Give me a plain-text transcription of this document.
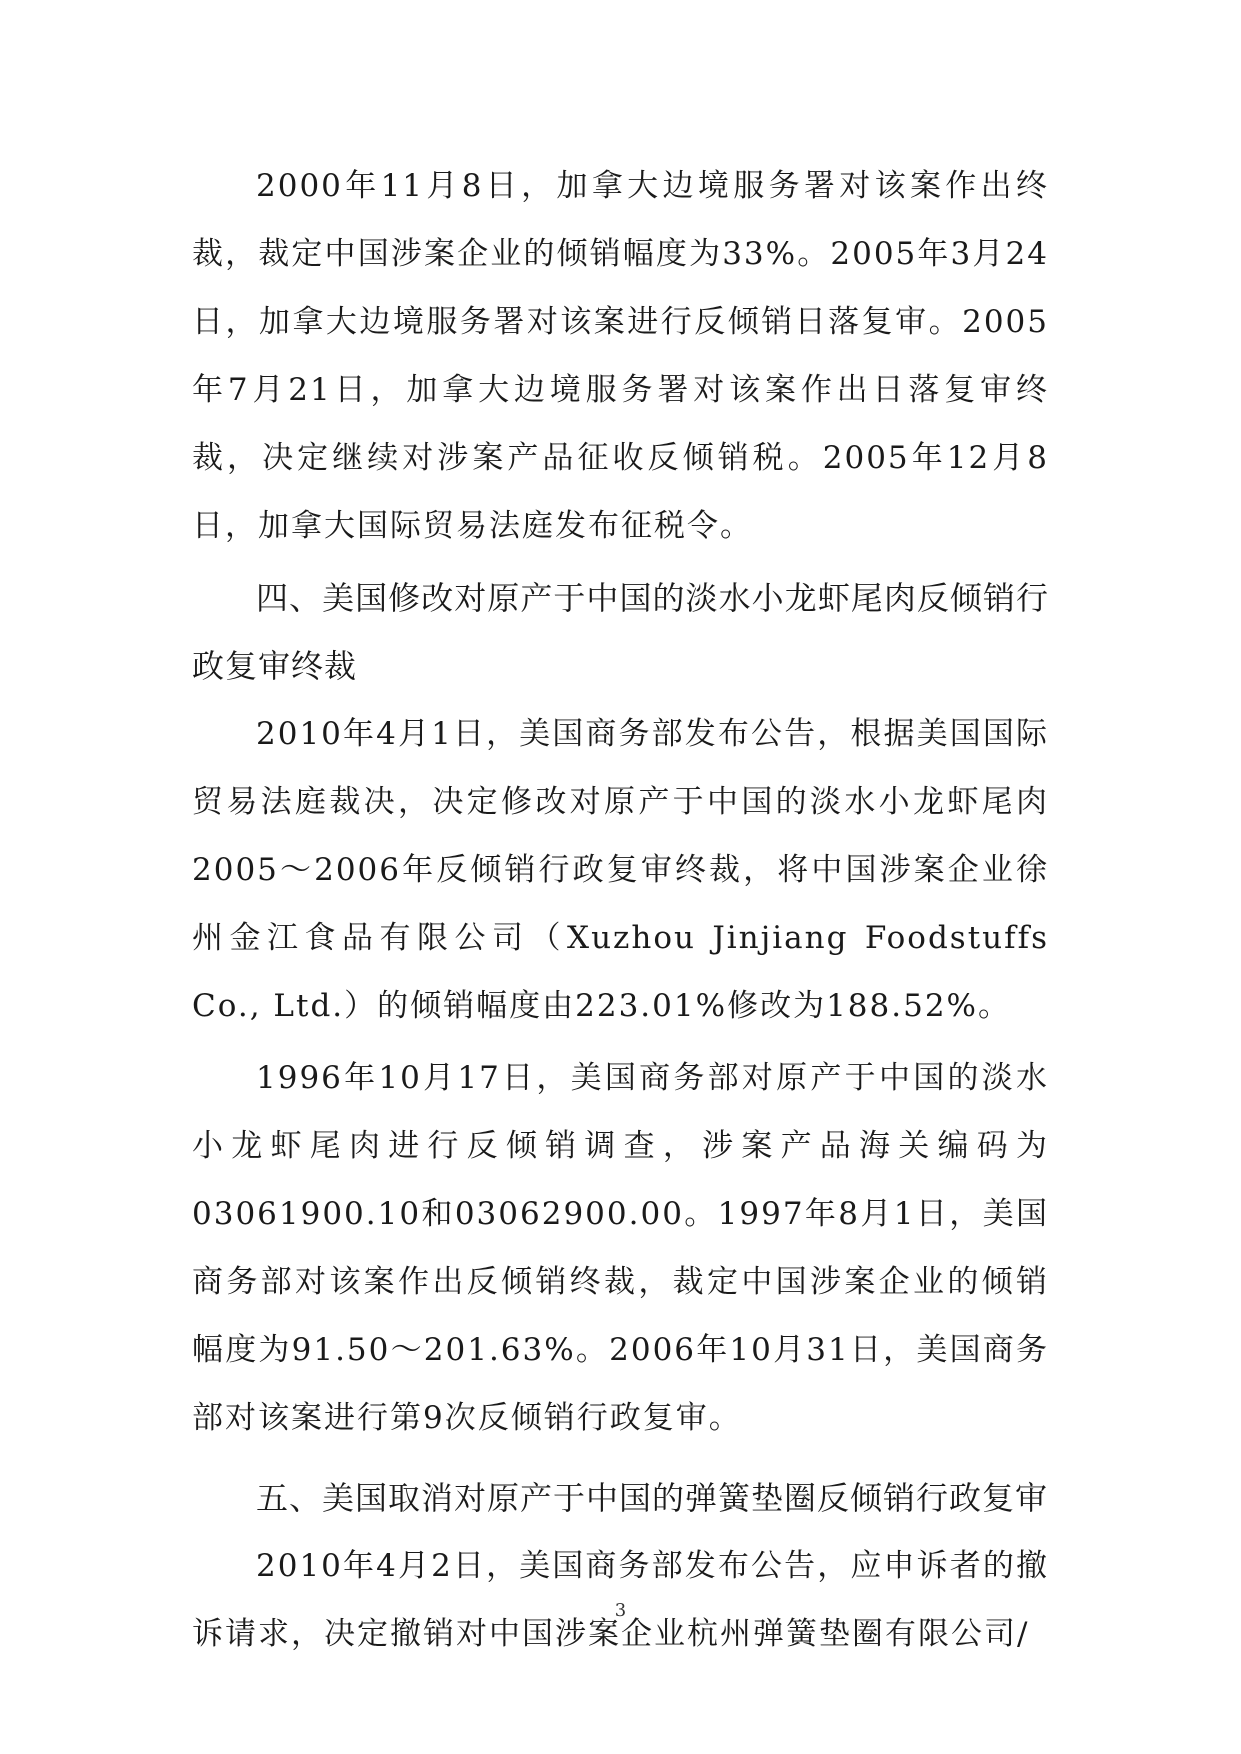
2000年11月8日，加拿大边境服务署对该案作出终裁，裁定中国涉案企业的倾销幅度为33%。2005年3月24日，加拿大边境服务署对该案进行反倾销日落复审。2005年7月21日，加拿大边境服务署对该案作出日落复审终裁，决定继续对涉案产品征收反倾销税。2005年12月8日，加拿大国际贸易法庭发布征税令。

四、美国修改对原产于中国的淡水小龙虾尾肉反倾销行政复审终裁

2010年4月1日，美国商务部发布公告，根据美国国际贸易法庭裁决，决定修改对原产于中国的淡水小龙虾尾肉2005～2006年反倾销行政复审终裁，将中国涉案企业徐州金江食品有限公司（Xuzhou Jinjiang Foodstuffs Co., Ltd.）的倾销幅度由223.01%修改为188.52%。

1996年10月17日，美国商务部对原产于中国的淡水小龙虾尾肉进行反倾销调查，涉案产品海关编码为03061900.10和03062900.00。1997年8月1日，美国商务部对该案作出反倾销终裁，裁定中国涉案企业的倾销幅度为91.50～201.63%。2006年10月31日，美国商务部对该案进行第9次反倾销行政复审。

五、美国取消对原产于中国的弹簧垫圈反倾销行政复审

2010年4月2日，美国商务部发布公告，应申诉者的撤诉请求，决定撤销对中国涉案企业杭州弹簧垫圈有限公司/

3
